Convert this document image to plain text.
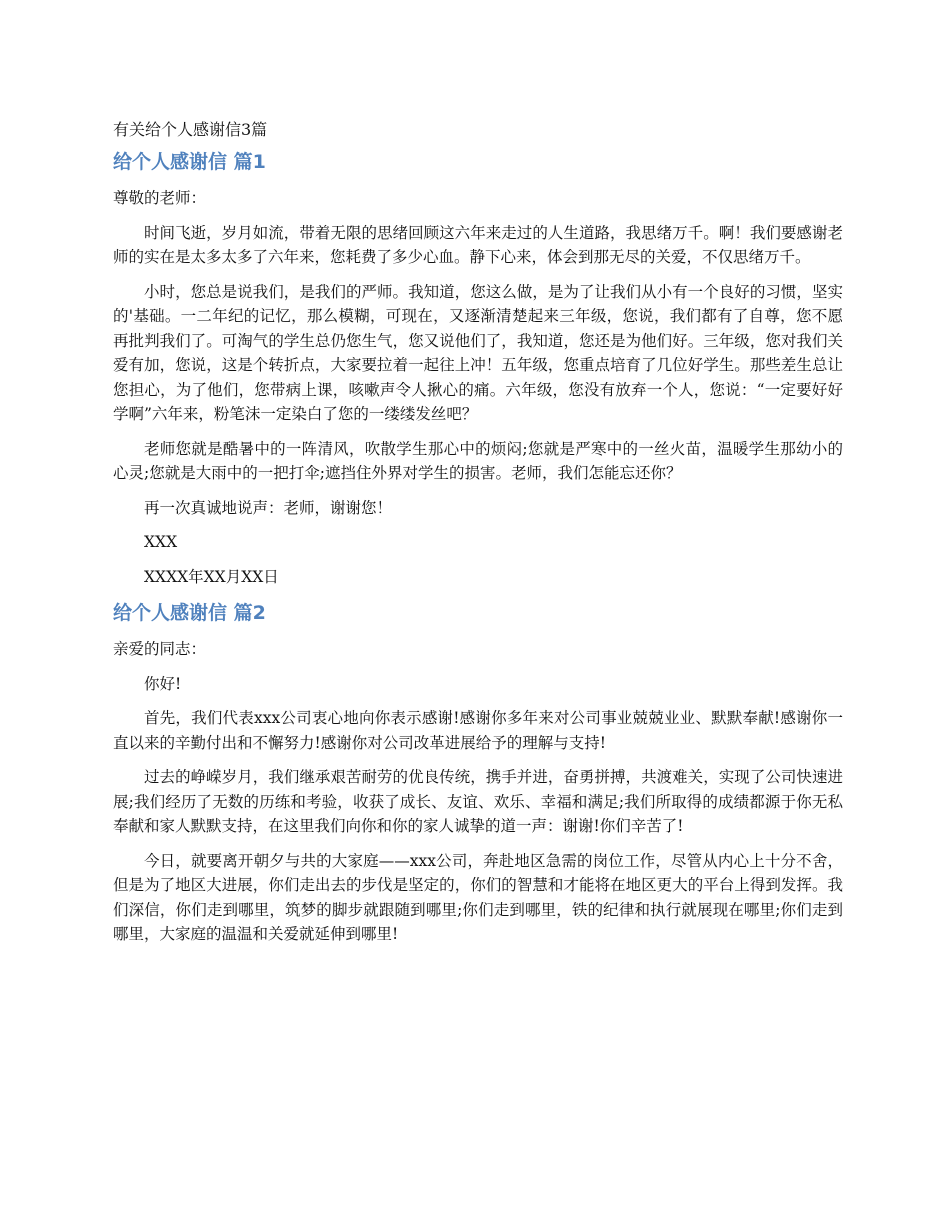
有关给个人感谢信3篇
给个人感谢信 篇1
尊敬的老师：

时间飞逝，岁月如流，带着无限的思绪回顾这六年来走过的人生道路，我思绪万千。啊！我们要感谢老师的实在是太多太多了六年来，您耗费了多少心血。静下心来，体会到那无尽的关爱，不仅思绪万千。

小时，您总是说我们，是我们的严师。我知道，您这么做，是为了让我们从小有一个良好的习惯，坚实的'基础。一二年纪的记忆，那么模糊，可现在，又逐渐清楚起来三年级，您说，我们都有了自尊，您不愿再批判我们了。可淘气的学生总仍您生气，您又说他们了，我知道，您还是为他们好。三年级，您对我们关爱有加，您说，这是个转折点，大家要拉着一起往上冲！五年级，您重点培育了几位好学生。那些差生总让您担心，为了他们，您带病上课，咳嗽声令人揪心的痛。六年级，您没有放弃一个人，您说：“一定要好好学啊”六年来，粉笔沫一定染白了您的一缕缕发丝吧？

老师您就是酷暑中的一阵清风，吹散学生那心中的烦闷;您就是严寒中的一丝火苗，温暖学生那幼小的心灵;您就是大雨中的一把打伞;遮挡住外界对学生的损害。老师，我们怎能忘还你？

再一次真诚地说声：老师，谢谢您！

XXX

XXXX年XX月XX日

给个人感谢信 篇2
亲爱的同志：

你好!

首先，我们代表xxx公司衷心地向你表示感谢!感谢你多年来对公司事业兢兢业业、默默奉献!感谢你一直以来的辛勤付出和不懈努力!感谢你对公司改革进展给予的理解与支持!

过去的峥嵘岁月，我们继承艰苦耐劳的优良传统，携手并进，奋勇拼搏，共渡难关，实现了公司快速进展;我们经历了无数的历练和考验，收获了成长、友谊、欢乐、幸福和满足;我们所取得的成绩都源于你无私奉献和家人默默支持，在这里我们向你和你的家人诚挚的道一声：谢谢!你们辛苦了!

今日，就要离开朝夕与共的大家庭——xxx公司，奔赴地区急需的岗位工作，尽管从内心上十分不舍，但是为了地区大进展，你们走出去的步伐是坚定的，你们的智慧和才能将在地区更大的平台上得到发挥。我们深信，你们走到哪里，筑梦的脚步就跟随到哪里;你们走到哪里，铁的纪律和执行就展现在哪里;你们走到哪里，大家庭的温温和关爱就延伸到哪里!
